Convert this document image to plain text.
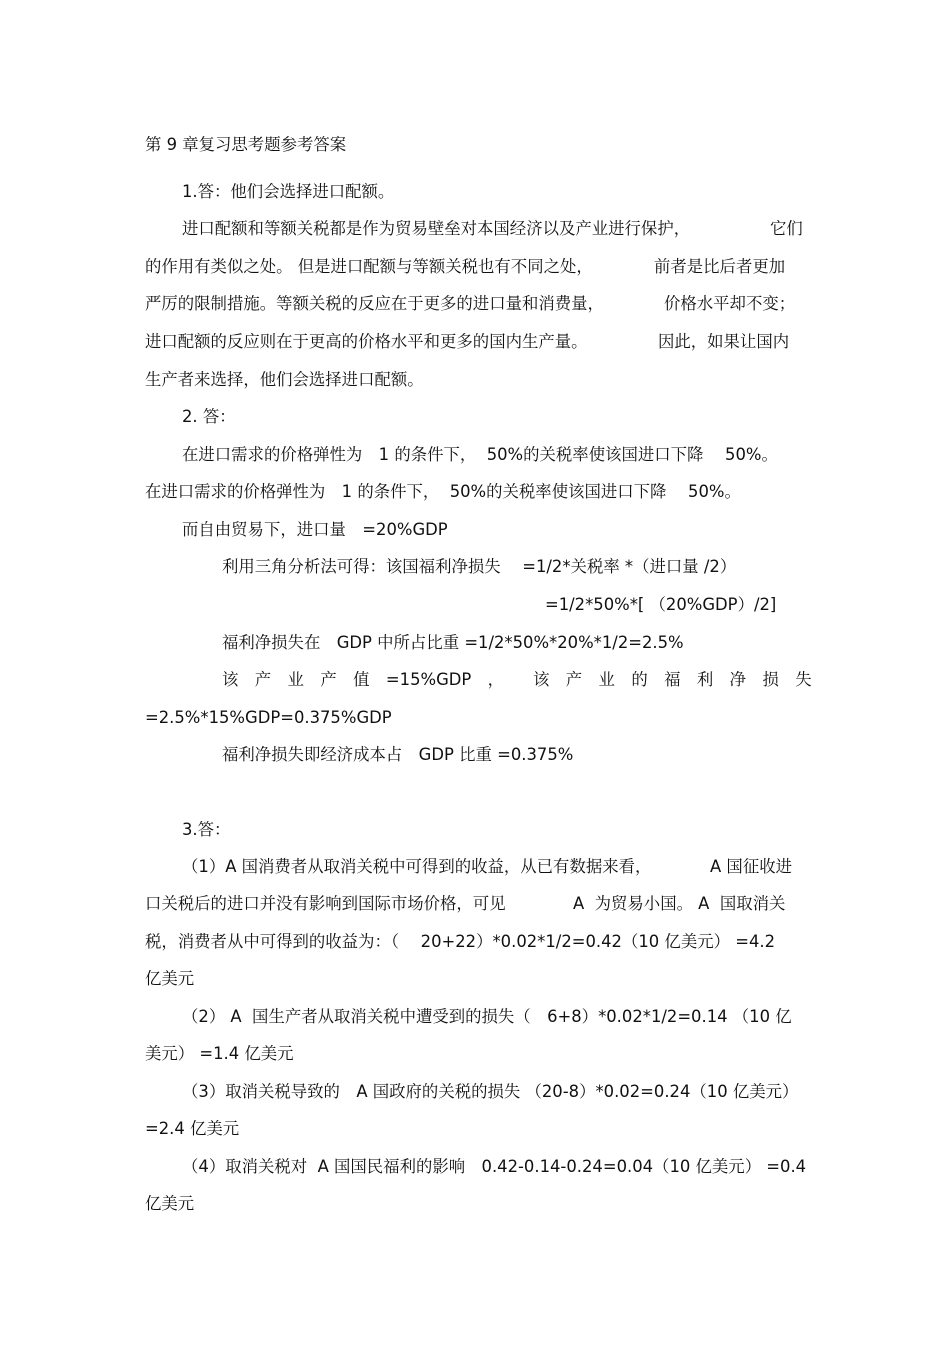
第 9 章复习思考题参考答案

1.答：他们会选择进口配额。

进口配额和等额关税都是作为贸易壁垒对本国经济以及产业进行保护，	它们

的作用有类似之处。 但是进口配额与等额关税也有不同之处，	前者是比后者更加

严厉的限制措施。等额关税的反应在于更多的进口量和消费量，	价格水平却不变；

进口配额的反应则在于更高的价格水平和更多的国内生产量。	因此，如果让国内

生产者来选择，他们会选择进口配额。

2. 答：

在进口需求的价格弹性为　1 的条件下，  50%的关税率使该国进口下降　 50%。

在进口需求的价格弹性为　1 的条件下，  50%的关税率使该国进口下降　 50%。

而自由贸易下，进口量　=20%GDP

利用三角分析法可得：该国福利净损失　 =1/2*关税率 *（进口量 /2）

=1/2*50%*[ （20%GDP）/2]

福利净损失在　GDP 中所占比重 =1/2*50%*20%*1/2=2.5%

该　产　业　产　值　=15%GDP　， 该　产　业　的　福　利　净　损　失

=2.5%*15%GDP=0.375%GDP

福利净损失即经济成本占　GDP 比重 =0.375%

3.答：

（1）A 国消费者从取消关税中可得到的收益，从已有数据来看，	A 国征收进

口关税后的进口并没有影响到国际市场价格，可见	A  为贸易小国。 A  国取消关

税，消费者从中可得到的收益为：（　 20+22）*0.02*1/2=0.42（10 亿美元） =4.2

亿美元

（2） A  国生产者从取消关税中遭受到的损失（　6+8）*0.02*1/2=0.14 （10 亿

美元） =1.4 亿美元

（3）取消关税导致的　A 国政府的关税的损失 （20-8）*0.02=0.24（10 亿美元）

=2.4 亿美元

（4）取消关税对  A 国国民福利的影响　0.42-0.14-0.24=0.04（10 亿美元） =0.4

亿美元
